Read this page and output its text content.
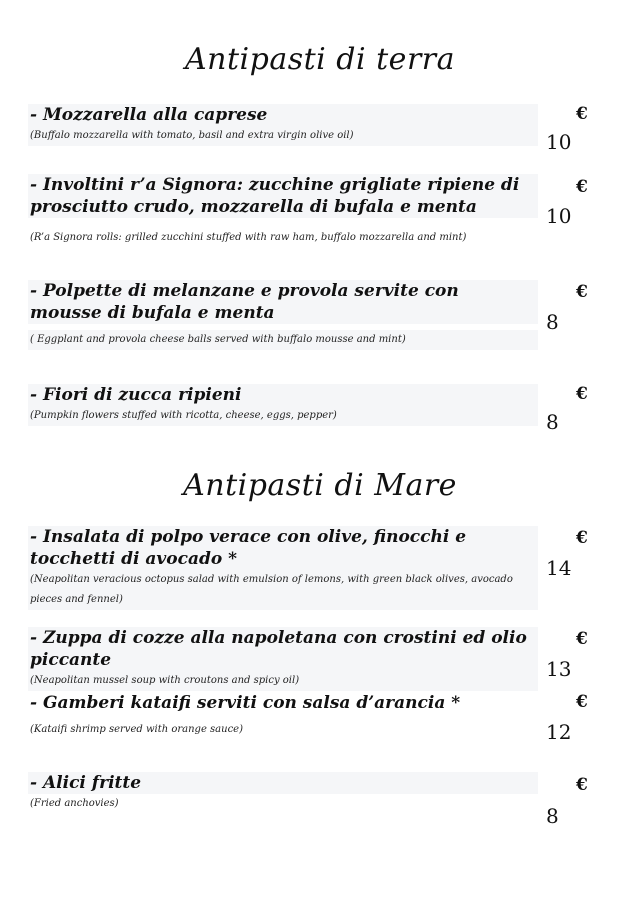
Antipasti di terra
- Mozzarella alla caprese
(Buffalo mozzarella with tomato, basil and extra virgin olive oil)
€
10
- Involtini r’a Signora: zucchine grigliate ripiene di prosciutto crudo, mozzarella di bufala e menta
(R’a Signora rolls: grilled zucchini stuffed with raw ham, buffalo mozzarella and mint)
€
10
- Polpette di melanzane e provola servite con mousse di bufala e menta
( Eggplant and provola cheese balls served with buffalo mousse and mint)
€
8
- Fiori di zucca ripieni
(Pumpkin flowers stuffed with ricotta, cheese, eggs, pepper)
€
8
Antipasti di Mare
- Insalata di polpo verace con olive, finocchi e tocchetti di avocado *
(Neapolitan veracious octopus salad with emulsion of lemons, with green black olives, avocado pieces and fennel)
€
14
- Zuppa di cozze alla napoletana con crostini ed olio piccante
(Neapolitan mussel soup with croutons and spicy oil)
€
13
- Gamberi kataifi serviti con salsa d’arancia *
(Kataifi shrimp served with orange sauce)
€
12
- Alici fritte
(Fried anchovies)
€
8
